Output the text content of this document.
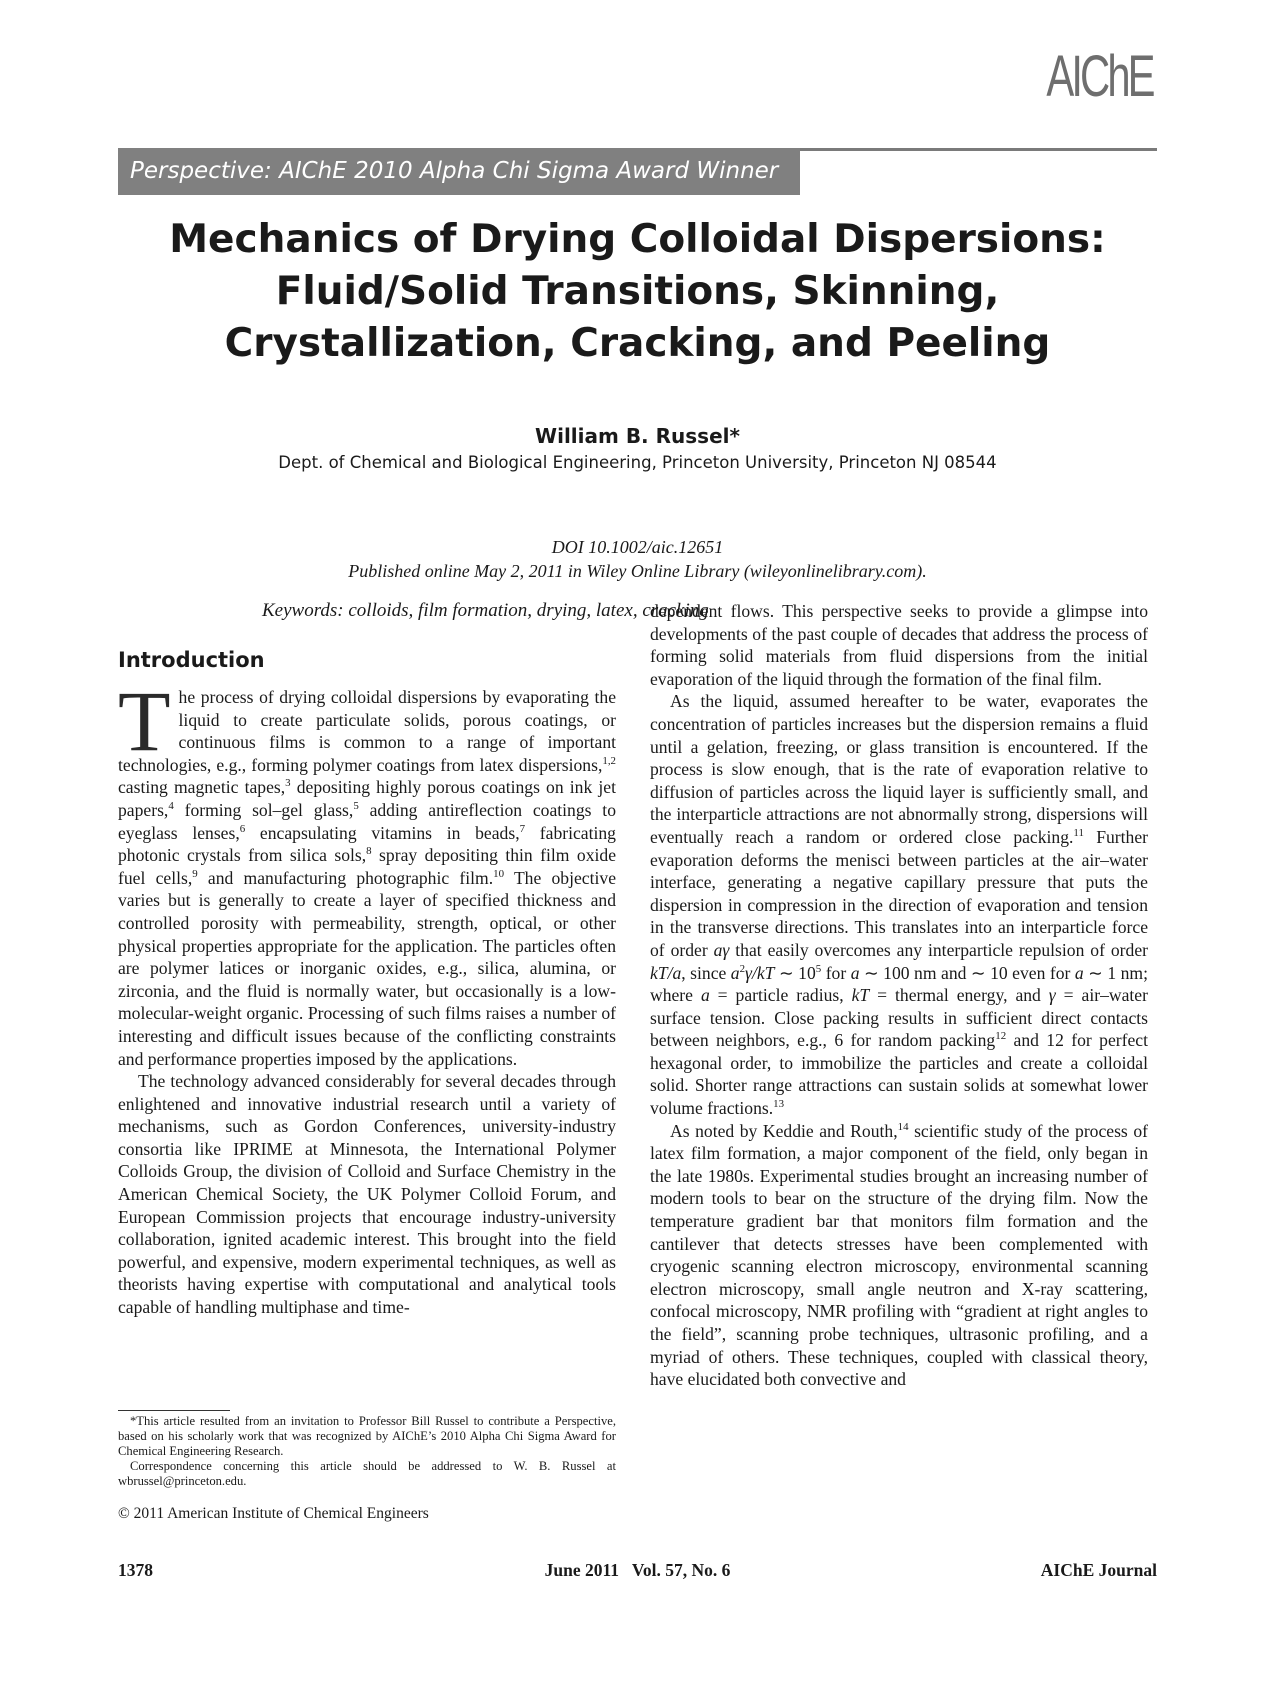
AIChE
Perspective: AIChE 2010 Alpha Chi Sigma Award Winner
Mechanics of Drying Colloidal Dispersions:
Fluid/Solid Transitions, Skinning,
Crystallization, Cracking, and Peeling
William B. Russel*
Dept. of Chemical and Biological Engineering, Princeton University, Princeton NJ 08544
DOI 10.1002/aic.12651
Published online May 2, 2011 in Wiley Online Library (wileyonlinelibrary.com).
Keywords: colloids, film formation, drying, latex, cracking
Introduction

The process of drying colloidal dispersions by evaporating the liquid to create particulate solids, porous coatings, or continuous films is common to a range of important technologies, e.g., forming polymer coatings from latex dispersions,$^{1,2}$ casting magnetic tapes,$^3$ depositing highly porous coatings on ink jet papers,$^4$ forming sol–gel glass,$^5$ adding antireflection coatings to eyeglass lenses,$^6$ encapsulating vitamins in beads,$^7$ fabricating photonic crystals from silica sols,$^8$ spray depositing thin film oxide fuel cells,$^9$ and manufacturing photographic film.$^{10}$ The objective varies but is generally to create a layer of specified thickness and controlled porosity with permeability, strength, optical, or other physical properties appropriate for the application. The particles often are polymer latices or inorganic oxides, e.g., silica, alumina, or zirconia, and the fluid is normally water, but occasionally is a low-molecular-weight organic. Processing of such films raises a number of interesting and difficult issues because of the conflicting constraints and performance properties imposed by the applications.

The technology advanced considerably for several decades through enlightened and innovative industrial research until a variety of mechanisms, such as Gordon Conferences, university-industry consortia like IPRIME at Minnesota, the International Polymer Colloids Group, the division of Colloid and Surface Chemistry in the American Chemical Society, the UK Polymer Colloid Forum, and European Commission projects that encourage industry-university collaboration, ignited academic interest. This brought into the field powerful, and expensive, modern experimental techniques, as well as theorists having expertise with computational and analytical tools capable of handling multiphase and time-

dependent flows. This perspective seeks to provide a glimpse into developments of the past couple of decades that address the process of forming solid materials from fluid dispersions from the initial evaporation of the liquid through the formation of the final film.

As the liquid, assumed hereafter to be water, evaporates the concentration of particles increases but the dispersion remains a fluid until a gelation, freezing, or glass transition is encountered. If the process is slow enough, that is the rate of evaporation relative to diffusion of particles across the liquid layer is sufficiently small, and the interparticle attractions are not abnormally strong, dispersions will eventually reach a random or ordered close packing.$^{11}$ Further evaporation deforms the menisci between particles at the air–water interface, generating a negative capillary pressure that puts the dispersion in compression in the direction of evaporation and tension in the transverse directions. This translates into an interparticle force of order aγ that easily overcomes any interparticle repulsion of order kT/a, since $a^2\gamma/kT$ ∼ $10^5$ for a ∼ 100 nm and ∼ 10 even for a ∼ 1 nm; where a = particle radius, kT = thermal energy, and γ = air–water surface tension. Close packing results in sufficient direct contacts between neighbors, e.g., 6 for random packing$^{12}$ and 12 for perfect hexagonal order, to immobilize the particles and create a colloidal solid. Shorter range attractions can sustain solids at somewhat lower volume fractions.$^{13}$

As noted by Keddie and Routh,$^{14}$ scientific study of the process of latex film formation, a major component of the field, only began in the late 1980s. Experimental studies brought an increasing number of modern tools to bear on the structure of the drying film. Now the temperature gradient bar that monitors film formation and the cantilever that detects stresses have been complemented with cryogenic scanning electron microscopy, environmental scanning electron microscopy, small angle neutron and X-ray scattering, confocal microscopy, NMR profiling with “gradient at right angles to the field”, scanning probe techniques, ultrasonic profiling, and a myriad of others. These techniques, coupled with classical theory, have elucidated both convective and

*This article resulted from an invitation to Professor Bill Russel to contribute a Perspective, based on his scholarly work that was recognized by AIChE’s 2010 Alpha Chi Sigma Award for Chemical Engineering Research.

Correspondence concerning this article should be addressed to W. B. Russel at wbrussel@princeton.edu.

© 2011 American Institute of Chemical Engineers
1378	June 2011   Vol. 57, No. 6	AIChE Journal
